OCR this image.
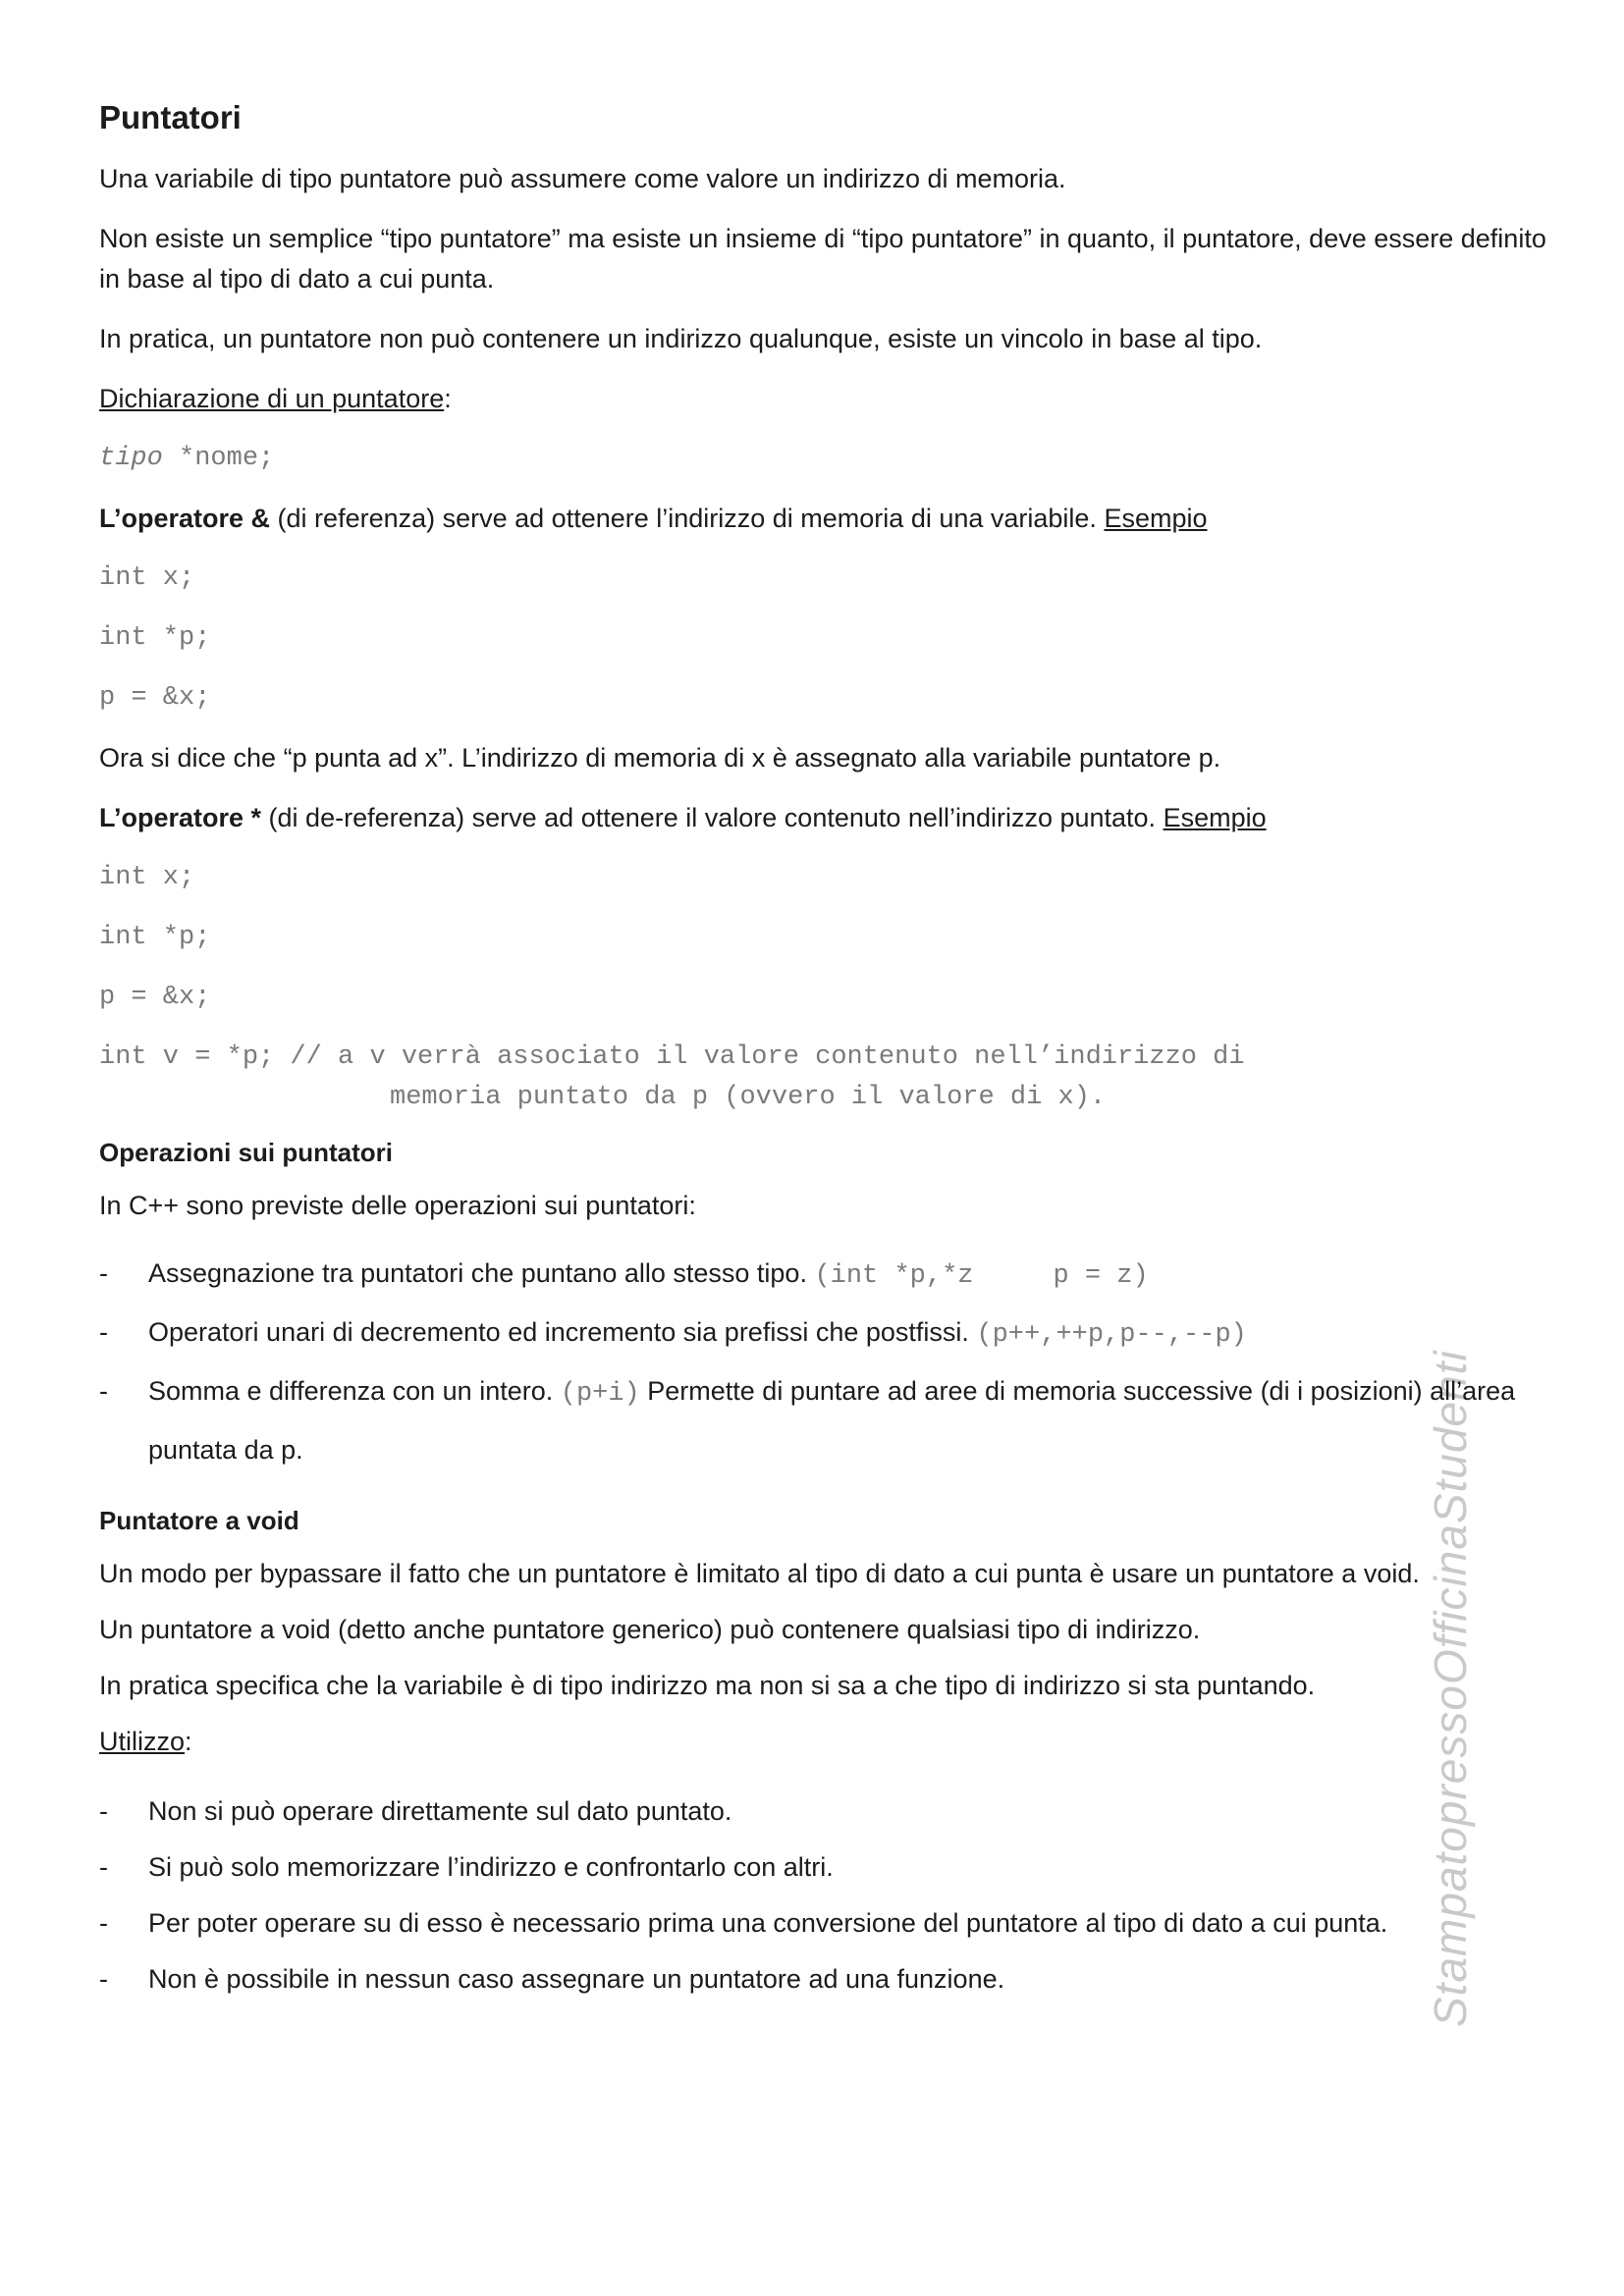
StampatopressoOfficinaStudenti
Puntatori
Una variabile di tipo puntatore può assumere come valore un indirizzo di memoria.
Non esiste un semplice “tipo puntatore” ma esiste un insieme di “tipo puntatore” in quanto, il puntatore, deve essere definito in base al tipo di dato a cui punta.
In pratica, un puntatore non può contenere un indirizzo qualunque, esiste un vincolo in base al tipo.
Dichiarazione di un puntatore:
tipo *nome;
L’operatore & (di referenza) serve ad ottenere l’indirizzo di memoria di una variabile. Esempio
int x;
int *p;
p = &x;
Ora si dice che “p punta ad x”. L’indirizzo di memoria di x è assegnato alla variabile puntatore p.
L’operatore * (di de-referenza) serve ad ottenere il valore contenuto nell’indirizzo puntato. Esempio
int x;
int *p;
p = &x;
int v = *p; // a v verrà associato il valore contenuto nell’indirizzo di
memoria puntato da p (ovvero il valore di x).
Operazioni sui puntatori
In C++ sono previste delle operazioni sui puntatori:
- Assegnazione tra puntatori che puntano allo stesso tipo. (int *p,*z     p = z)
- Operatori unari di decremento ed incremento sia prefissi che postfissi. (p++,++p,p--,--p)
- Somma e differenza con un intero. (p+i) Permette di puntare ad aree di memoria successive (di i posizioni) all’area puntata da p.
Puntatore a void
Un modo per bypassare il fatto che un puntatore è limitato al tipo di dato a cui punta è usare un puntatore a void.
Un puntatore a void (detto anche puntatore generico) può contenere qualsiasi tipo di indirizzo.
In pratica specifica che la variabile è di tipo indirizzo ma non si sa a che tipo di indirizzo si sta puntando.
Utilizzo:
- Non si può operare direttamente sul dato puntato.
- Si può solo memorizzare l’indirizzo e confrontarlo con altri.
- Per poter operare su di esso è necessario prima una conversione del puntatore al tipo di dato a cui punta.
- Non è possibile in nessun caso assegnare un puntatore ad una funzione.
